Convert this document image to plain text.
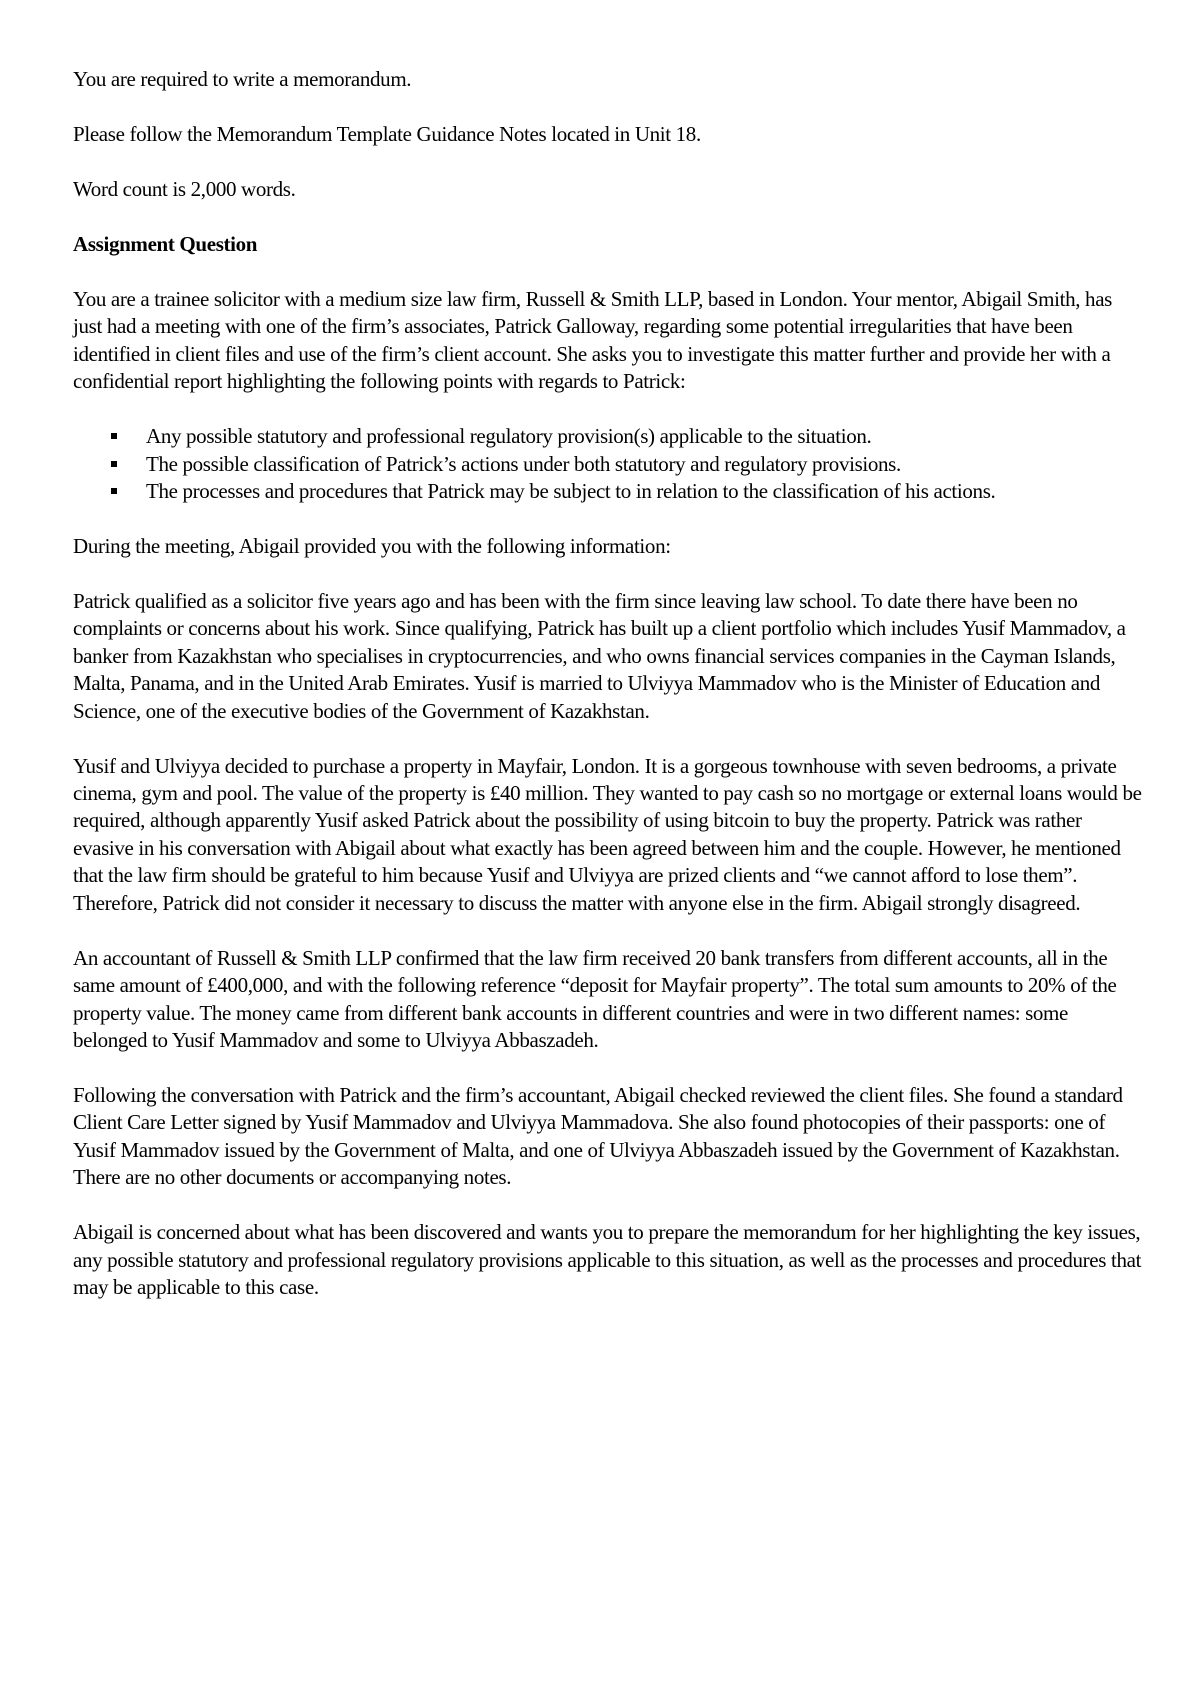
You are required to write a memorandum.

Please follow the Memorandum Template Guidance Notes located in Unit 18.

Word count is 2,000 words.

Assignment Question

You are a trainee solicitor with a medium size law firm, Russell & Smith LLP, based in London. Your mentor, Abigail Smith, has just had a meeting with one of the firm’s associates, Patrick Galloway, regarding some potential irregularities that have been identified in client files and use of the firm’s client account. She asks you to investigate this matter further and provide her with a confidential report highlighting the following points with regards to Patrick:

Any possible statutory and professional regulatory provision(s) applicable to the situation.
The possible classification of Patrick’s actions under both statutory and regulatory provisions.
The processes and procedures that Patrick may be subject to in relation to the classification of his actions.

During the meeting, Abigail provided you with the following information:

Patrick qualified as a solicitor five years ago and has been with the firm since leaving law school. To date there have been no complaints or concerns about his work. Since qualifying, Patrick has built up a client portfolio which includes Yusif Mammadov, a banker from Kazakhstan who specialises in cryptocurrencies, and who owns financial services companies in the Cayman Islands, Malta, Panama, and in the United Arab Emirates. Yusif is married to Ulviyya Mammadov who is the Minister of Education and Science, one of the executive bodies of the Government of Kazakhstan.

Yusif and Ulviyya decided to purchase a property in Mayfair, London. It is a gorgeous townhouse with seven bedrooms, a private cinema, gym and pool. The value of the property is £40 million. They wanted to pay cash so no mortgage or external loans would be required, although apparently Yusif asked Patrick about the possibility of using bitcoin to buy the property. Patrick was rather evasive in his conversation with Abigail about what exactly has been agreed between him and the couple. However, he mentioned that the law firm should be grateful to him because Yusif and Ulviyya are prized clients and “we cannot afford to lose them”. Therefore, Patrick did not consider it necessary to discuss the matter with anyone else in the firm. Abigail strongly disagreed.

An accountant of Russell & Smith LLP confirmed that the law firm received 20 bank transfers from different accounts, all in the same amount of £400,000, and with the following reference “deposit for Mayfair property”. The total sum amounts to 20% of the property value. The money came from different bank accounts in different countries and were in two different names: some belonged to Yusif Mammadov and some to Ulviyya Abbaszadeh.

Following the conversation with Patrick and the firm’s accountant, Abigail checked reviewed the client files. She found a standard Client Care Letter signed by Yusif Mammadov and Ulviyya Mammadova. She also found photocopies of their passports: one of Yusif Mammadov issued by the Government of Malta, and one of Ulviyya Abbaszadeh issued by the Government of Kazakhstan. There are no other documents or accompanying notes.

Abigail is concerned about what has been discovered and wants you to prepare the memorandum for her highlighting the key issues, any possible statutory and professional regulatory provisions applicable to this situation, as well as the processes and procedures that may be applicable to this case.
